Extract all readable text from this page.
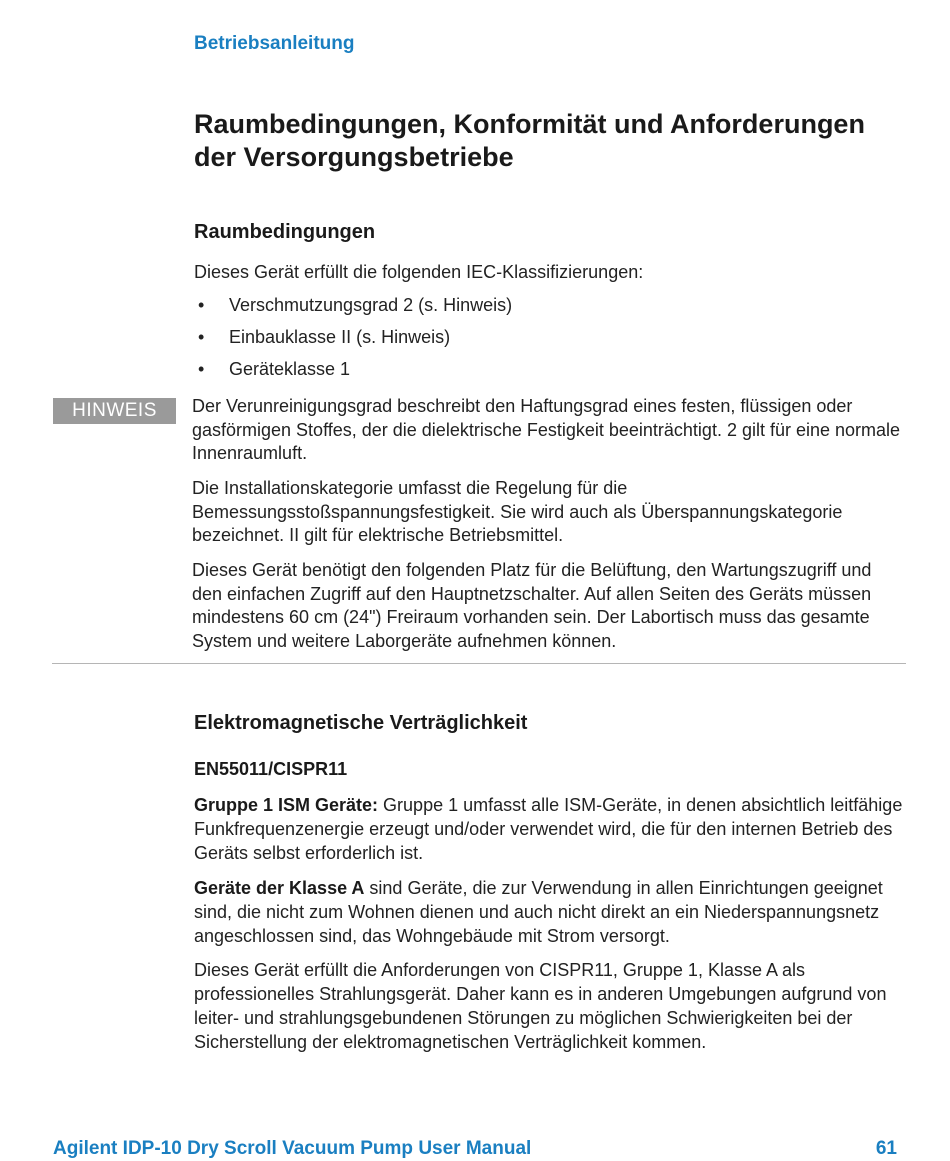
Betriebsanleitung
Raumbedingungen, Konformität und Anforderungen der Versorgungsbetriebe
Raumbedingungen

Dieses Gerät erfüllt die folgenden IEC-Klassifizierungen:

• Verschmutzungsgrad 2 (s. Hinweis)
• Einbauklasse II (s. Hinweis)
• Geräteklasse 1
HINWEIS	Der Verunreinigungsgrad beschreibt den Haftungsgrad eines festen, flüssigen oder gasförmigen Stoffes, der die dielektrische Festigkeit beeinträchtigt. 2 gilt für eine normale Innenraumluft.

Die Installationskategorie umfasst die Regelung für die Bemessungsstoßspannungsfestigkeit. Sie wird auch als Überspannungskategorie bezeichnet. II gilt für elektrische Betriebsmittel.

Dieses Gerät benötigt den folgenden Platz für die Belüftung, den Wartungszugriff und den einfachen Zugriff auf den Hauptnetzschalter. Auf allen Seiten des Geräts müssen mindestens 60 cm (24") Freiraum vorhanden sein. Der Labortisch muss das gesamte System und weitere Laborgeräte aufnehmen können.

Elektromagnetische Verträglichkeit
EN55011/CISPR11

Gruppe 1 ISM Geräte: Gruppe 1 umfasst alle ISM-Geräte, in denen absichtlich leitfähige Funkfrequenzenergie erzeugt und/oder verwendet wird, die für den internen Betrieb des Geräts selbst erforderlich ist.

Geräte der Klasse A sind Geräte, die zur Verwendung in allen Einrichtungen geeignet sind, die nicht zum Wohnen dienen und auch nicht direkt an ein Niederspannungsnetz angeschlossen sind, das Wohngebäude mit Strom versorgt.

Dieses Gerät erfüllt die Anforderungen von CISPR11, Gruppe 1, Klasse A als professionelles Strahlungsgerät. Daher kann es in anderen Umgebungen aufgrund von leiter- und strahlungsgebundenen Störungen zu möglichen Schwierigkeiten bei der Sicherstellung der elektromagnetischen Verträglichkeit kommen.

Agilent IDP-10 Dry Scroll Vacuum Pump User Manual	61
